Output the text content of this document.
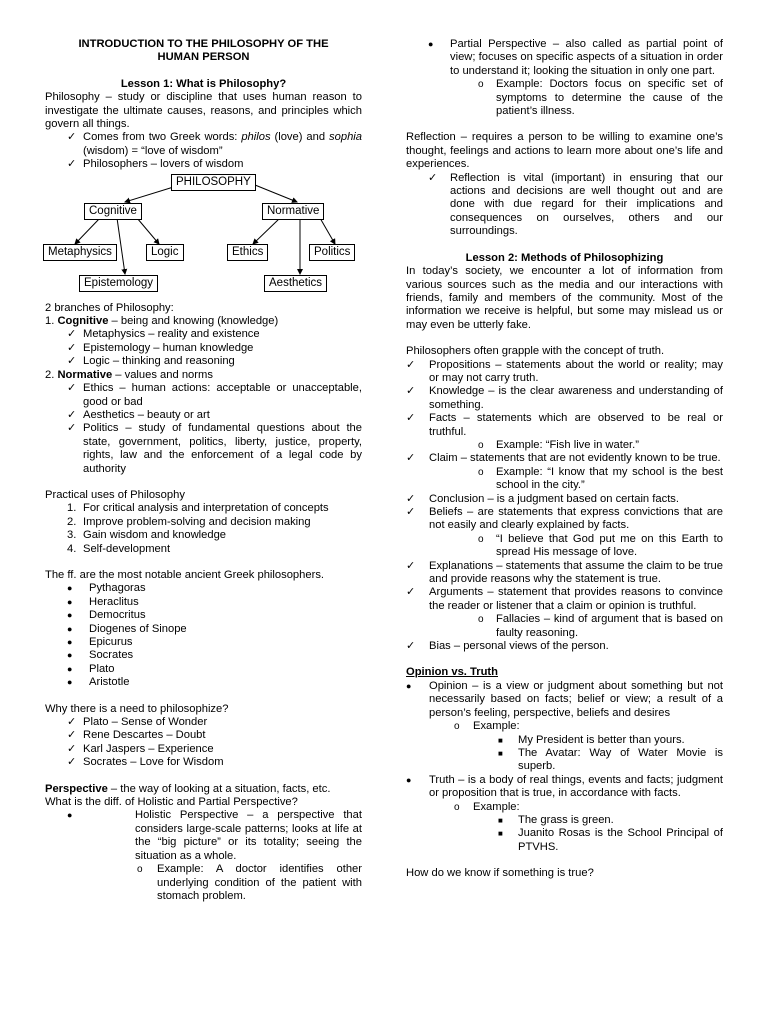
INTRODUCTION TO THE PHILOSOPHY OF THE
HUMAN PERSON

Lesson 1: What is Philosophy?

Philosophy – study or discipline that uses human reason to investigate the ultimate causes, reasons, and principles which govern all things.

✓ Comes from two Greek words: philos (love) and sophia (wisdom) = “love of wisdom”
✓ Philosophers – lovers of wisdom
PHILOSOPHY
Cognitive	Normative
Metaphysics	Logic	Ethics	Politics
Epistemology	Aesthetics

2 branches of Philosophy:

1. Cognitive – being and knowing (knowledge)

✓ Metaphysics – reality and existence
✓ Epistemology – human knowledge
✓ Logic – thinking and reasoning

2. Normative – values and norms

✓ Ethics – human actions: acceptable or unacceptable, good or bad
✓ Aesthetics – beauty or art
✓ Politics – study of fundamental questions about the state, government, politics, liberty, justice, property, rights, law and the enforcement of a legal code by authority

Practical uses of Philosophy

1. For critical analysis and interpretation of concepts
2. Improve problem-solving and decision making
3. Gain wisdom and knowledge
4. Self-development

The ff. are the most notable ancient Greek philosophers.

● Pythagoras
● Heraclitus
● Democritus
● Diogenes of Sinope
● Epicurus
● Socrates
● Plato
● Aristotle

Why there is a need to philosophize?

✓ Plato – Sense of Wonder
✓ Rene Descartes – Doubt
✓ Karl Jaspers – Experience
✓ Socrates – Love for Wisdom

Perspective – the way of looking at a situation, facts, etc.

What is the diff. of Holistic and Partial Perspective?

●	Holistic Perspective – a perspective that considers large-scale patterns; looks at life at the “big picture” or its totality; seeing the situation as a whole.
o Example: A doctor identifies other underlying condition of the patient with stomach problem.
● Partial Perspective – also called as partial point of view; focuses on specific aspects of a situation in order to understand it; looking the situation in only one part.
o Example: Doctors focus on specific set of symptoms to determine the cause of the patient’s illness.

Reflection – requires a person to be willing to examine one’s thought, feelings and actions to learn more about one’s life and experiences.

✓ Reflection is vital (important) in ensuring that our actions and decisions are well thought out and are done with due regard for their implications and consequences on ourselves, others and our surroundings.

Lesson 2: Methods of Philosophizing

In today’s society, we encounter a lot of information from various sources such as the media and our interactions with friends, family and members of the community. Most of the information we receive is helpful, but some may mislead us or may even be utterly fake.

Philosophers often grapple with the concept of truth.

✓ Propositions – statements about the world or reality; may or may not carry truth.
✓ Knowledge – is the clear awareness and understanding of something.
✓ Facts – statements which are observed to be real or truthful.
o Example: “Fish live in water.”
✓ Claim – statements that are not evidently known to be true.
o Example: “I know that my school is the best school in the city.”
✓ Conclusion – is a judgment based on certain facts.
✓ Beliefs – are statements that express convictions that are not easily and clearly explained by facts.
o “I believe that God put me on this Earth to spread His message of love.
✓ Explanations – statements that assume the claim to be true and provide reasons why the statement is true.
✓ Arguments – statement that provides reasons to convince the reader or listener that a claim or opinion is truthful.
o Fallacies – kind of argument that is based on faulty reasoning.
✓ Bias – personal views of the person.

Opinion vs. Truth

● Opinion – is a view or judgment about something but not necessarily based on facts; belief or view; a result of a person’s feeling, perspective, beliefs and desires
o Example:
■ My President is better than yours.
■ The Avatar: Way of Water Movie is superb.
● Truth – is a body of real things, events and facts; judgment or proposition that is true, in accordance with facts.
o Example:
■ The grass is green.
■ Juanito Rosas is the School Principal of PTVHS.

How do we know if something is true?
